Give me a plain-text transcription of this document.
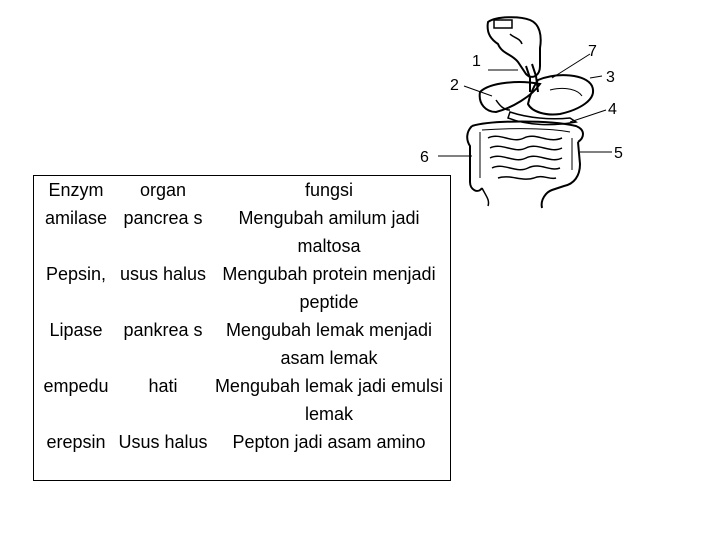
1
2	3
4
5
6
7
Enzym	organ	fungsi
amilase	pancrea s	Mengubah amilum jadi maltosa
Pepsin,	usus halus	Mengubah protein menjadi peptide
Lipase	pankrea s	Mengubah lemak menjadi asam lemak
empedu	hati	Mengubah lemak jadi emulsi lemak
erepsin	Usus halus	Pepton jadi asam amino
